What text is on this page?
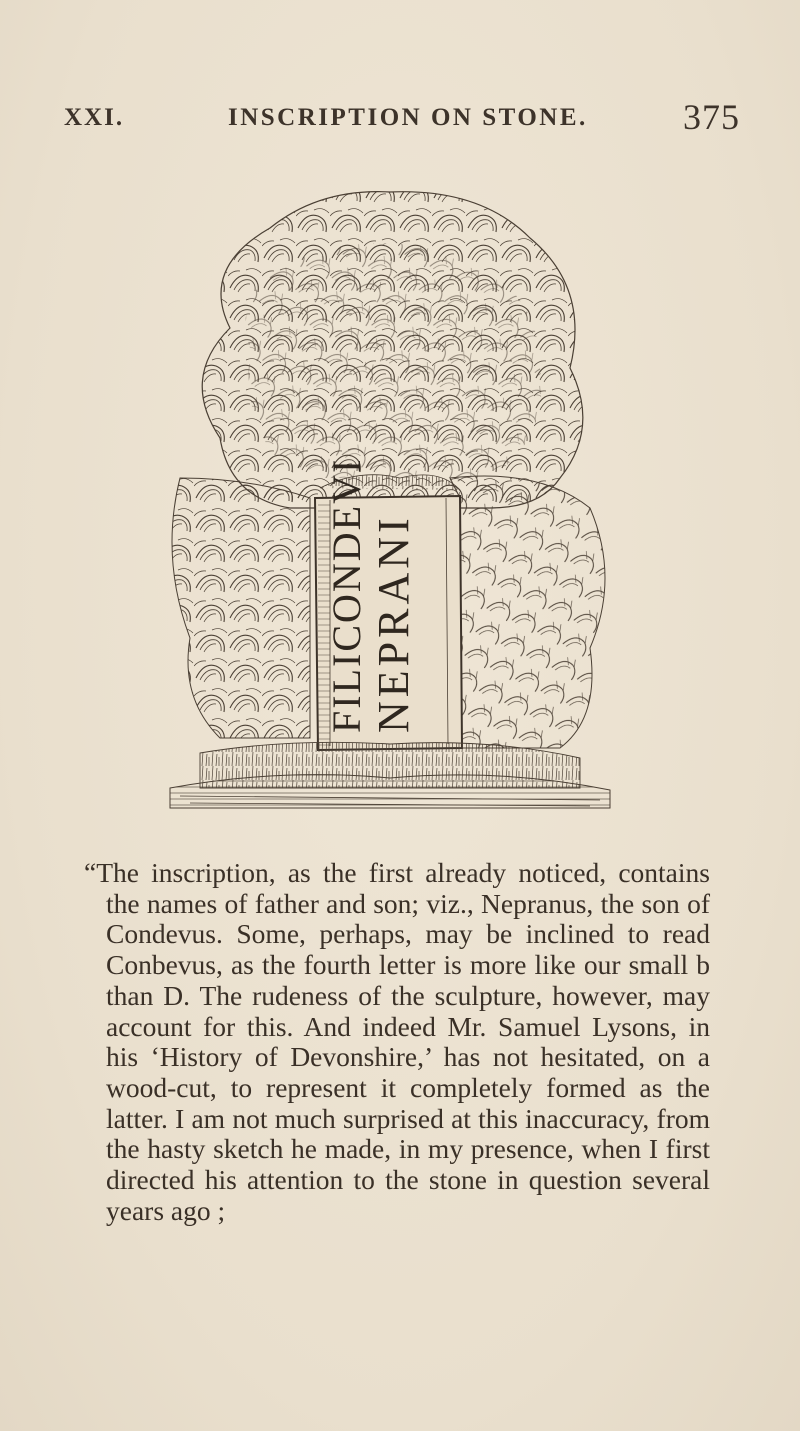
XXI.	INSCRIPTION ON STONE.	375
NEPRANI
FILICONDEVI

“The inscription, as the first already noticed, contains the names of father and son; viz., Nepranus, the son of Condevus. Some, perhaps, may be inclined to read Conbevus, as the fourth letter is more like our small b than D. The rudeness of the sculpture, however, may account for this. And indeed Mr. Samuel Lysons, in his ‘History of Devonshire,’ has not hesitated, on a wood-cut, to represent it completely formed as the latter. I am not much surprised at this inaccuracy, from the hasty sketch he made, in my presence, when I first directed his attention to the stone in question several years ago ;
